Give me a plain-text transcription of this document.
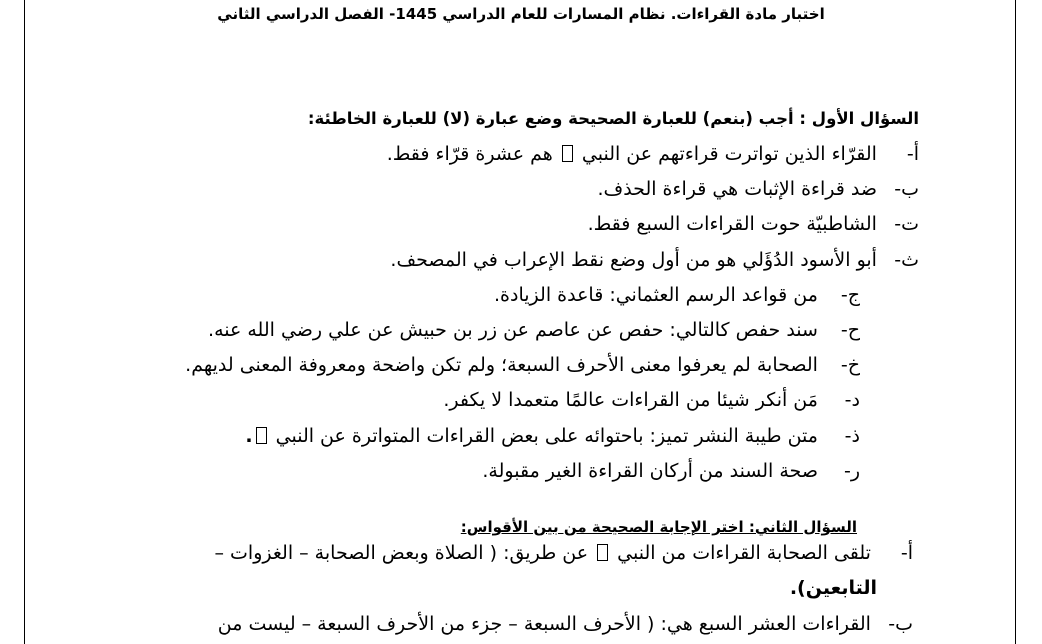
اختبار مادة القراءات. نظام المسارات للعام الدراسي 1445- الفصل الدراسي الثاني
السؤال الأول : أجب (بنعم) للعبارة الصحيحة وضع عبارة (لا) للعبارة الخاطئة:
أ- القرّاء الذين تواترت قراءتهم عن النبي  هم عشرة قرّاء فقط.
ب- ضد قراءة الإثبات هي قراءة الحذف.
ت- الشاطبيّة حوت القراءات السبع فقط.
ث- أبو الأسود الدُؤَلي هو من أول وضع نقط الإعراب في المصحف.
ج- من قواعد الرسم العثماني: قاعدة الزيادة.
ح- سند حفص كالتالي: حفص عن عاصم عن زر بن حبيش عن علي رضي الله عنه.
خ- الصحابة لم يعرفوا معنى الأحرف السبعة؛ ولم تكن واضحة ومعروفة المعنى لديهم.
د- مَن أنكر شيئا من القراءات عالمًا متعمدا لا يكفر.
ذ- متن طيبة النشر تميز: باحتوائه على بعض القراءات المتواترة عن النبي .
ر- صحة السند من أركان القراءة الغير مقبولة.
السؤال الثاني: اختر الإجابة الصحيحة من بين الأقواس:
أ- تلقى الصحابة القراءات من النبي  عن طريق: ( الصلاة وبعض الصحابة – الغزوات –
التابعين).
ب- القراءات العشر السبع هي: ( الأحرف السبعة – جزء من الأحرف السبعة – ليست من
